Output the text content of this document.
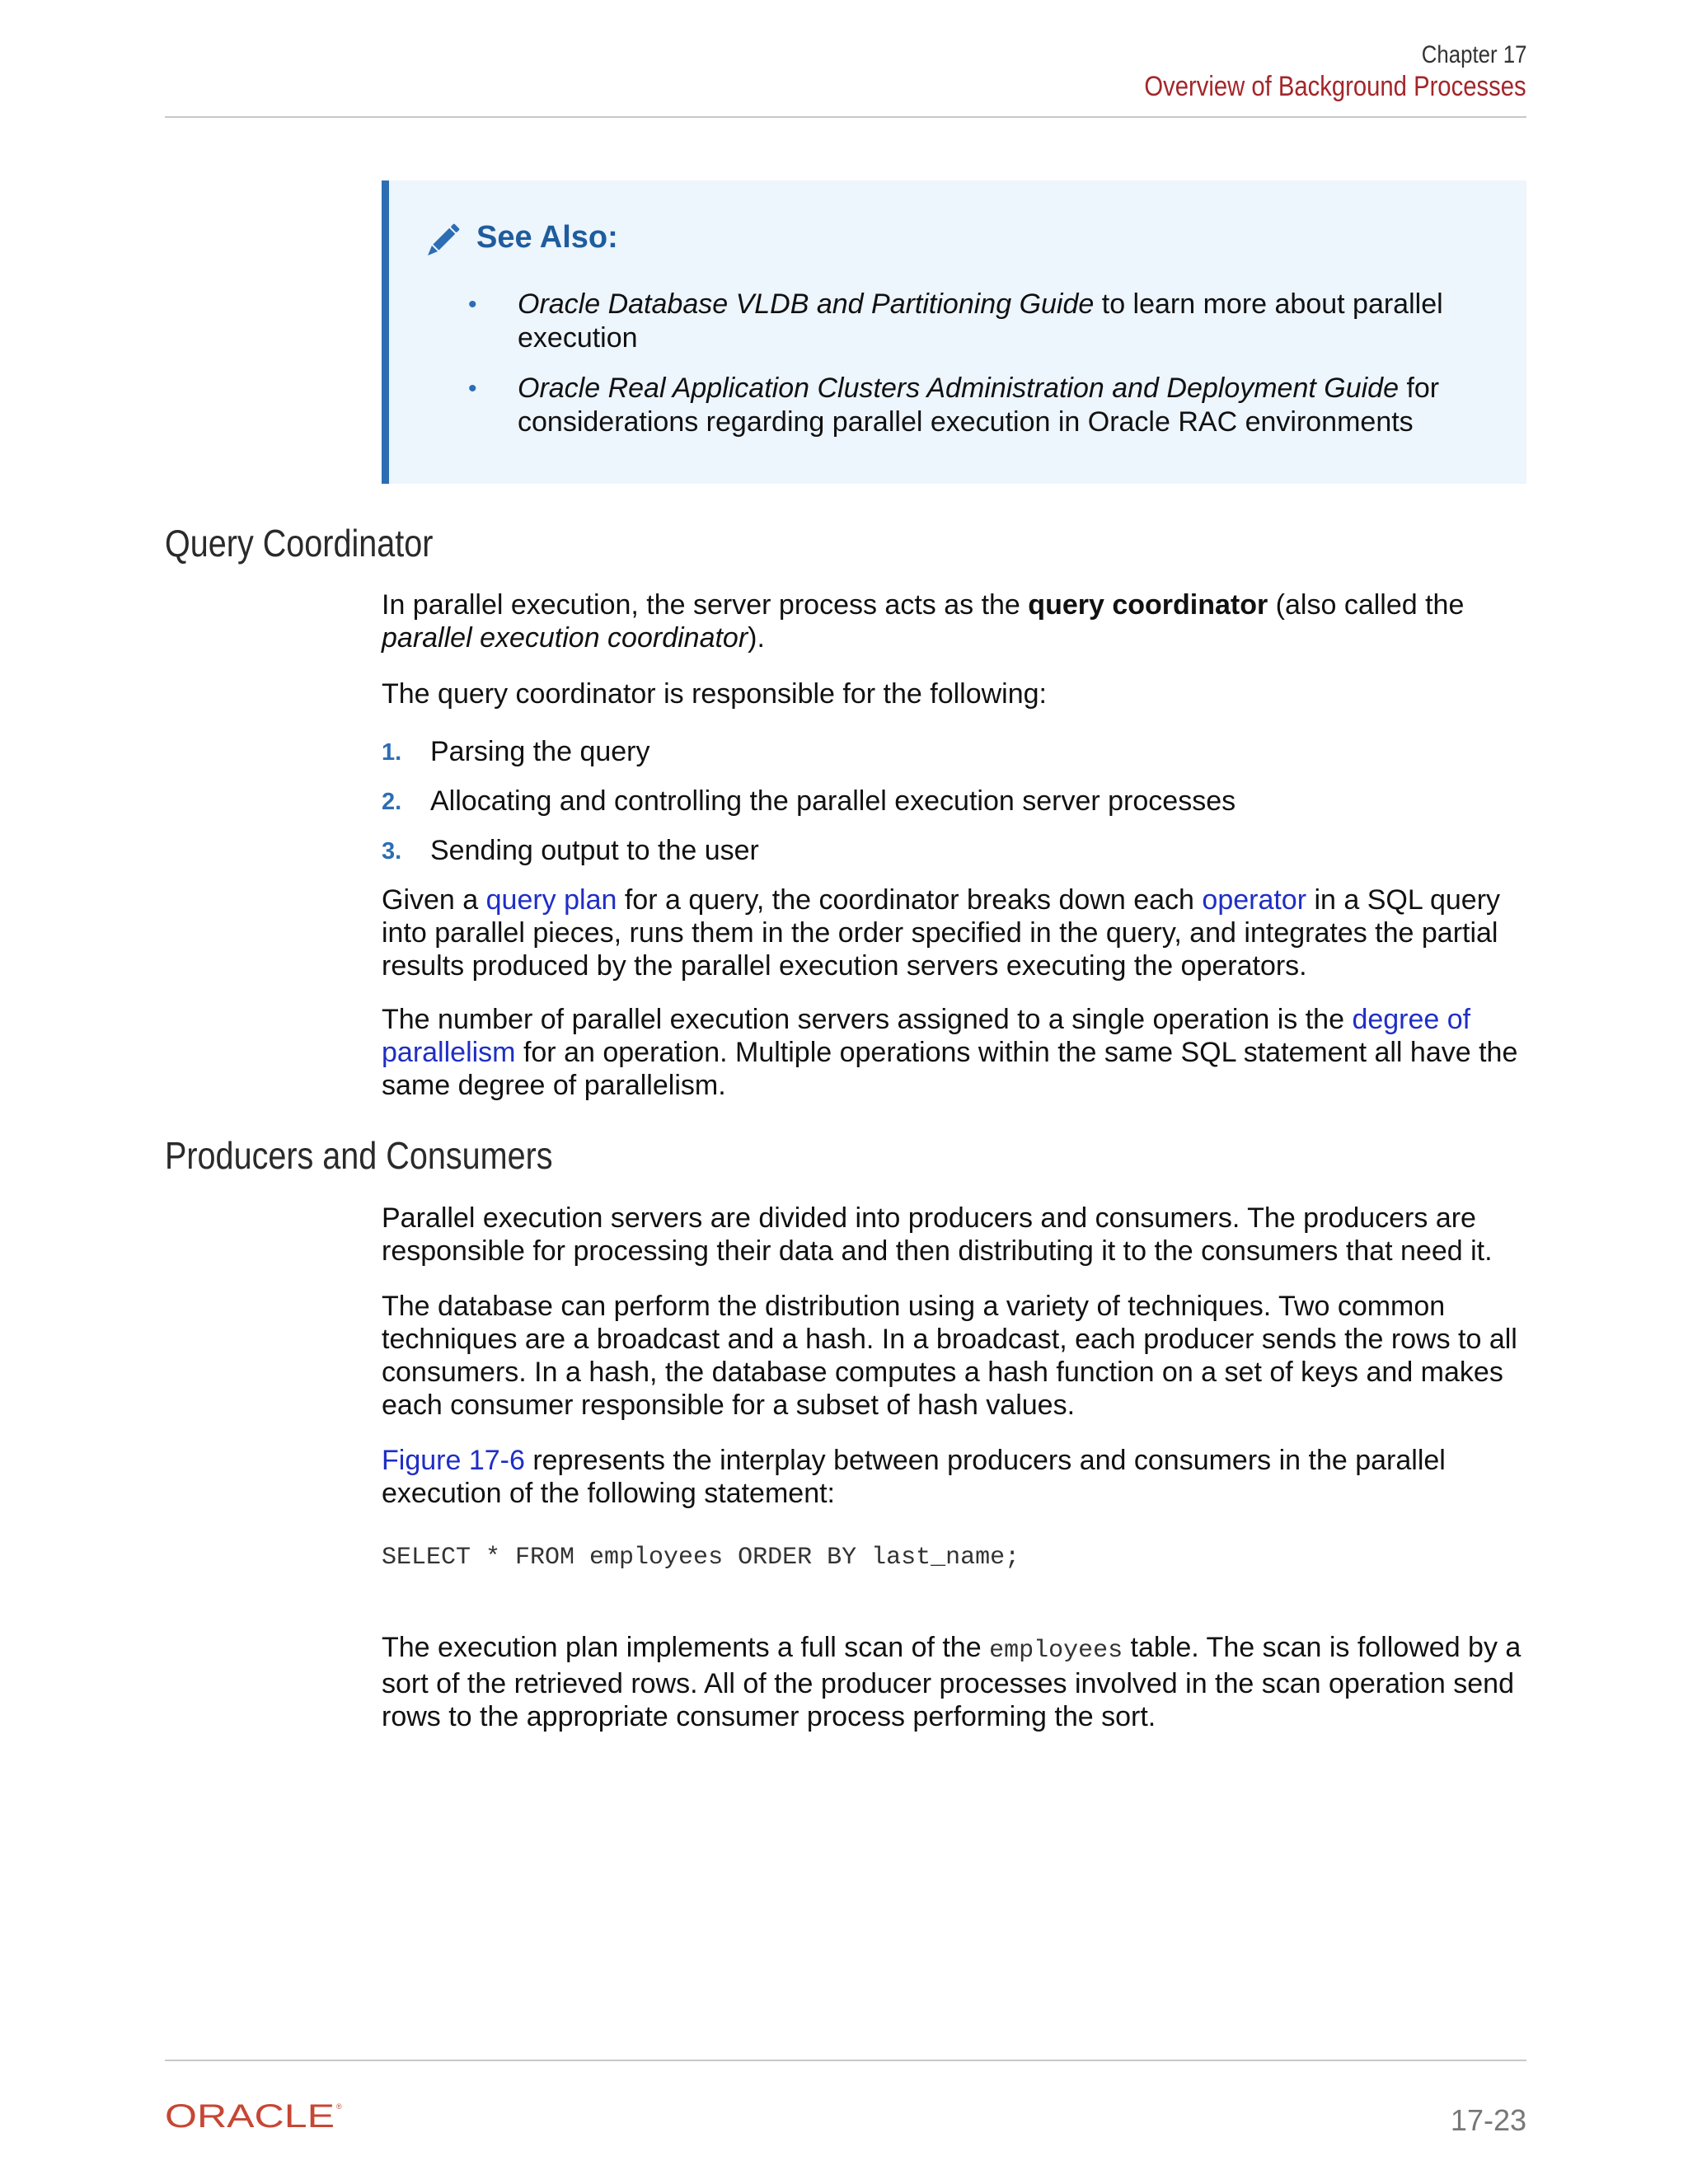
Chapter 17
Overview of Background Processes
See Also:
• Oracle Database VLDB and Partitioning Guide to learn more about parallel execution
• Oracle Real Application Clusters Administration and Deployment Guide for considerations regarding parallel execution in Oracle RAC environments
Query Coordinator
In parallel execution, the server process acts as the query coordinator (also called the parallel execution coordinator).
The query coordinator is responsible for the following:
1. Parsing the query
2. Allocating and controlling the parallel execution server processes
3. Sending output to the user
Given a query plan for a query, the coordinator breaks down each operator in a SQL query into parallel pieces, runs them in the order specified in the query, and integrates the partial results produced by the parallel execution servers executing the operators.
The number of parallel execution servers assigned to a single operation is the degree of parallelism for an operation. Multiple operations within the same SQL statement all have the same degree of parallelism.
Producers and Consumers
Parallel execution servers are divided into producers and consumers. The producers are responsible for processing their data and then distributing it to the consumers that need it.
The database can perform the distribution using a variety of techniques. Two common techniques are a broadcast and a hash. In a broadcast, each producer sends the rows to all consumers. In a hash, the database computes a hash function on a set of keys and makes each consumer responsible for a subset of hash values.
Figure 17-6 represents the interplay between producers and consumers in the parallel execution of the following statement:
SELECT * FROM employees ORDER BY last_name;
The execution plan implements a full scan of the employees table. The scan is followed by a sort of the retrieved rows. All of the producer processes involved in the scan operation send rows to the appropriate consumer process performing the sort.
ORACLE ®	17-23
